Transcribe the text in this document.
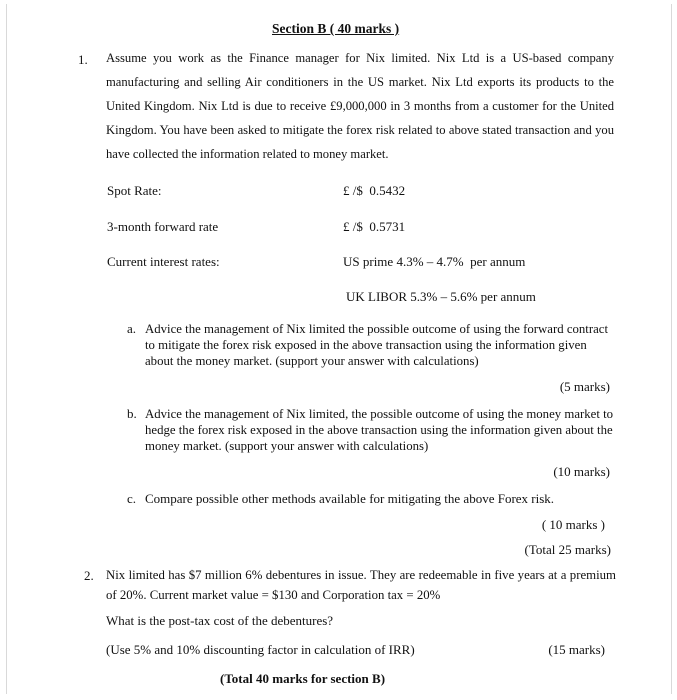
Section B ( 40 marks )
1. Assume you work as the Finance manager for Nix limited. Nix Ltd is a US-based company manufacturing and selling Air conditioners in the US market. Nix Ltd exports its products to the United Kingdom. Nix Ltd is due to receive £9,000,000 in 3 months from a customer for the United Kingdom. You have been asked to mitigate the forex risk related to above stated transaction and you have collected the information related to money market.
Spot Rate:	£ /$  0.5432
3-month forward rate	£ /$  0.5731
Current interest rates:	US prime 4.3% – 4.7%  per annum
UK LIBOR 5.3% – 5.6% per annum
a. Advice the management of Nix limited the possible outcome of using the forward contract to mitigate the forex risk exposed in the above transaction using the information given about the money market. (support your answer with calculations)
(5 marks)
b. Advice the management of Nix limited, the possible outcome of using the money market to hedge the forex risk exposed in the above transaction using the information given about the money market. (support your answer with calculations)
(10 marks)
c. Compare possible other methods available for mitigating the above Forex risk.
( 10 marks )
(Total 25 marks)
2. Nix limited has $7 million 6% debentures in issue. They are redeemable in five years at a premium of 20%. Current market value = $130 and Corporation tax = 20%
What is the post-tax cost of the debentures?
(Use 5% and 10% discounting factor in calculation of IRR)	(15 marks)
(Total 40 marks for section B)
